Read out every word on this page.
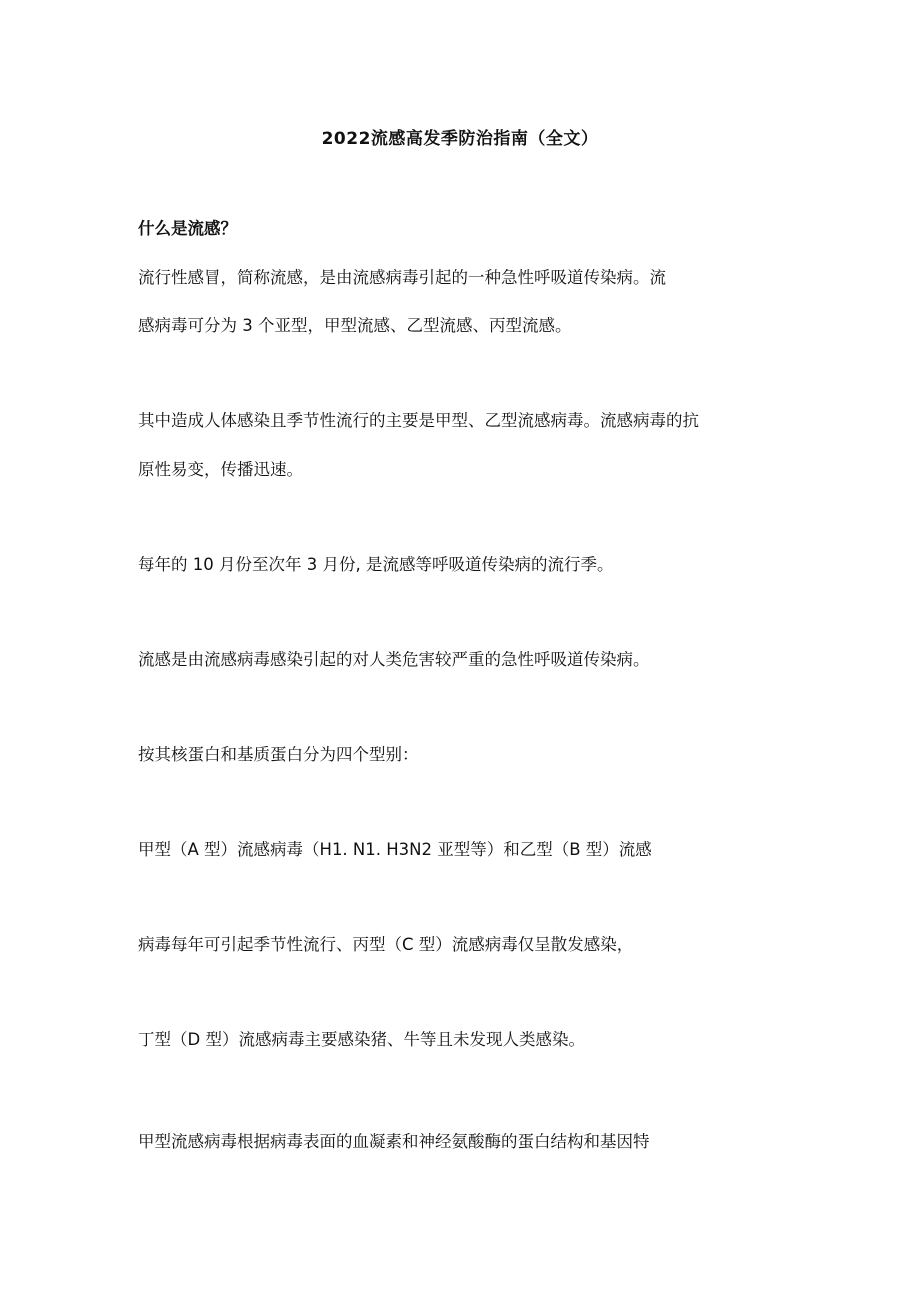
2022流感高发季防治指南（全文）
什么是流感？
流行性感冒，简称流感，是由流感病毒引起的一种急性呼吸道传染病。流
感病毒可分为 3 个亚型，甲型流感、乙型流感、丙型流感。
其中造成人体感染且季节性流行的主要是甲型、乙型流感病毒。流感病毒的抗
原性易变，传播迅速。
每年的 10 月份至次年 3 月份, 是流感等呼吸道传染病的流行季。
流感是由流感病毒感染引起的对人类危害较严重的急性呼吸道传染病。
按其核蛋白和基质蛋白分为四个型别：
甲型（A 型）流感病毒（H1. N1. H3N2 亚型等）和乙型（B 型）流感
病毒每年可引起季节性流行、丙型（C 型）流感病毒仅呈散发感染，
丁型（D 型）流感病毒主要感染猪、牛等且未发现人类感染。
甲型流感病毒根据病毒表面的血凝素和神经氨酸酶的蛋白结构和基因特
